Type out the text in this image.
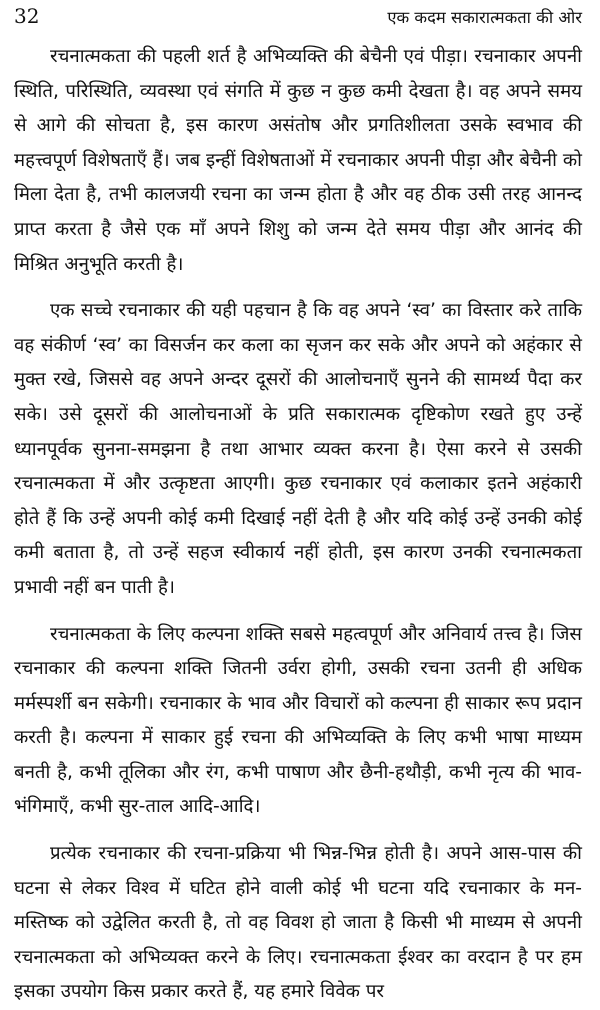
32	एक कदम सकारात्मकता की ओर

रचनात्मकता की पहली शर्त है अभिव्यक्ति की बेचैनी एवं पीड़ा। रचनाकार अपनी स्थिति, परिस्थिति, व्यवस्था एवं संगति में कुछ न कुछ कमी देखता है। वह अपने समय से आगे की सोचता है, इस कारण असंतोष और प्रगतिशीलता उसके स्वभाव की महत्त्वपूर्ण विशेषताएँ हैं। जब इन्हीं विशेषताओं में रचनाकार अपनी पीड़ा और बेचैनी को मिला देता है, तभी कालजयी रचना का जन्म होता है और वह ठीक उसी तरह आनन्द प्राप्त करता है जैसे एक माँ अपने शिशु को जन्म देते समय पीड़ा और आनंद की मिश्रित अनुभूति करती है।

एक सच्चे रचनाकार की यही पहचान है कि वह अपने ‘स्व’ का विस्तार करे ताकि वह संकीर्ण ‘स्व’ का विसर्जन कर कला का सृजन कर सके और अपने को अहंकार से मुक्त रखे, जिससे वह अपने अन्दर दूसरों की आलोचनाएँ सुनने की सामर्थ्य पैदा कर सके। उसे दूसरों की आलोचनाओं के प्रति सकारात्मक दृष्टिकोण रखते हुए उन्हें ध्यानपूर्वक सुनना-समझना है तथा आभार व्यक्त करना है। ऐसा करने से उसकी रचनात्मकता में और उत्कृष्टता आएगी। कुछ रचनाकार एवं कलाकार इतने अहंकारी होते हैं कि उन्हें अपनी कोई कमी दिखाई नहीं देती है और यदि कोई उन्हें उनकी कोई कमी बताता है, तो उन्हें सहज स्वीकार्य नहीं होती, इस कारण उनकी रचनात्मकता प्रभावी नहीं बन पाती है।

रचनात्मकता के लिए कल्पना शक्ति सबसे महत्वपूर्ण और अनिवार्य तत्त्व है। जिस रचनाकार की कल्पना शक्ति जितनी उर्वरा होगी, उसकी रचना उतनी ही अधिक मर्मस्पर्शी बन सकेगी। रचनाकार के भाव और विचारों को कल्पना ही साकार रूप प्रदान करती है। कल्पना में साकार हुई रचना की अभिव्यक्ति के लिए कभी भाषा माध्यम बनती है, कभी तूलिका और रंग, कभी पाषाण और छैनी-हथौड़ी, कभी नृत्य की भाव-भंगिमाएँ, कभी सुर-ताल आदि-आदि।

प्रत्येक रचनाकार की रचना-प्रक्रिया भी भिन्न-भिन्न होती है। अपने आस-पास की घटना से लेकर विश्व में घटित होने वाली कोई भी घटना यदि रचनाकार के मन-मस्तिष्क को उद्वेलित करती है, तो वह विवश हो जाता है किसी भी माध्यम से अपनी रचनात्मकता को अभिव्यक्त करने के लिए। रचनात्मकता ईश्वर का वरदान है पर हम इसका उपयोग किस प्रकार करते हैं, यह हमारे विवेक पर
